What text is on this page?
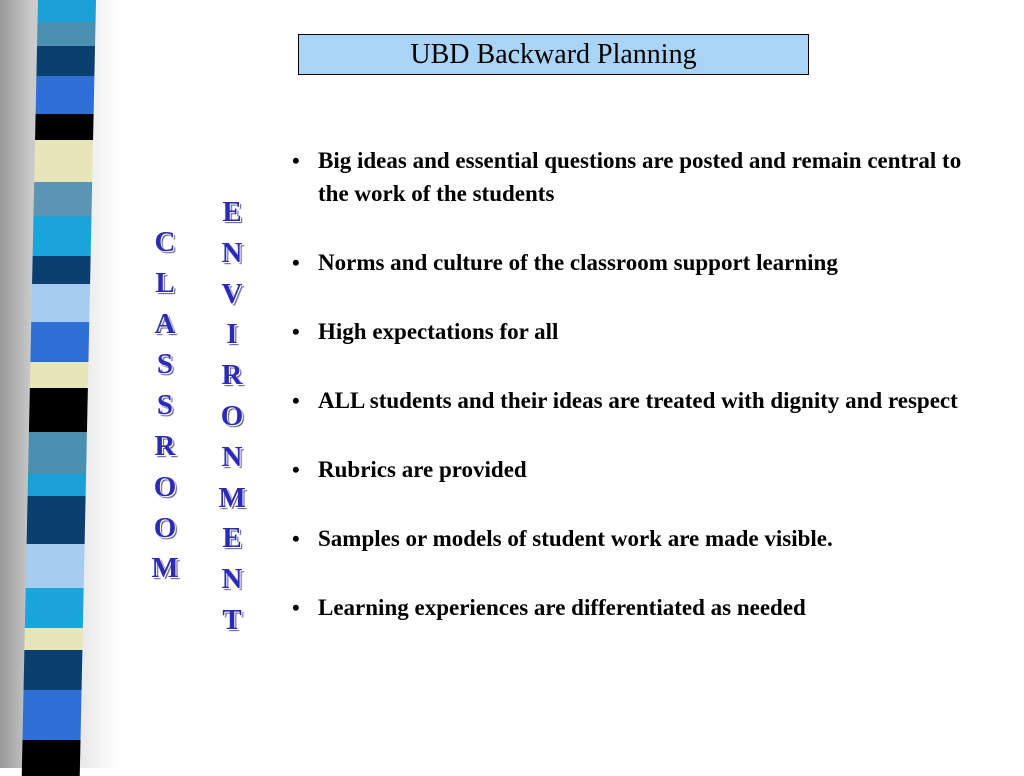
UBD Backward Planning
C
L
A
S
S
R
O
O
M
E
N
V
I
R
O
N
M
E
N
T
• Big ideas and essential questions are posted and remain central to the work of the students
• Norms and culture of the classroom support learning
• High expectations for all
• ALL students and their ideas are treated with dignity and respect
• Rubrics are provided
• Samples or models of student work are made visible.
• Learning experiences are differentiated as needed
